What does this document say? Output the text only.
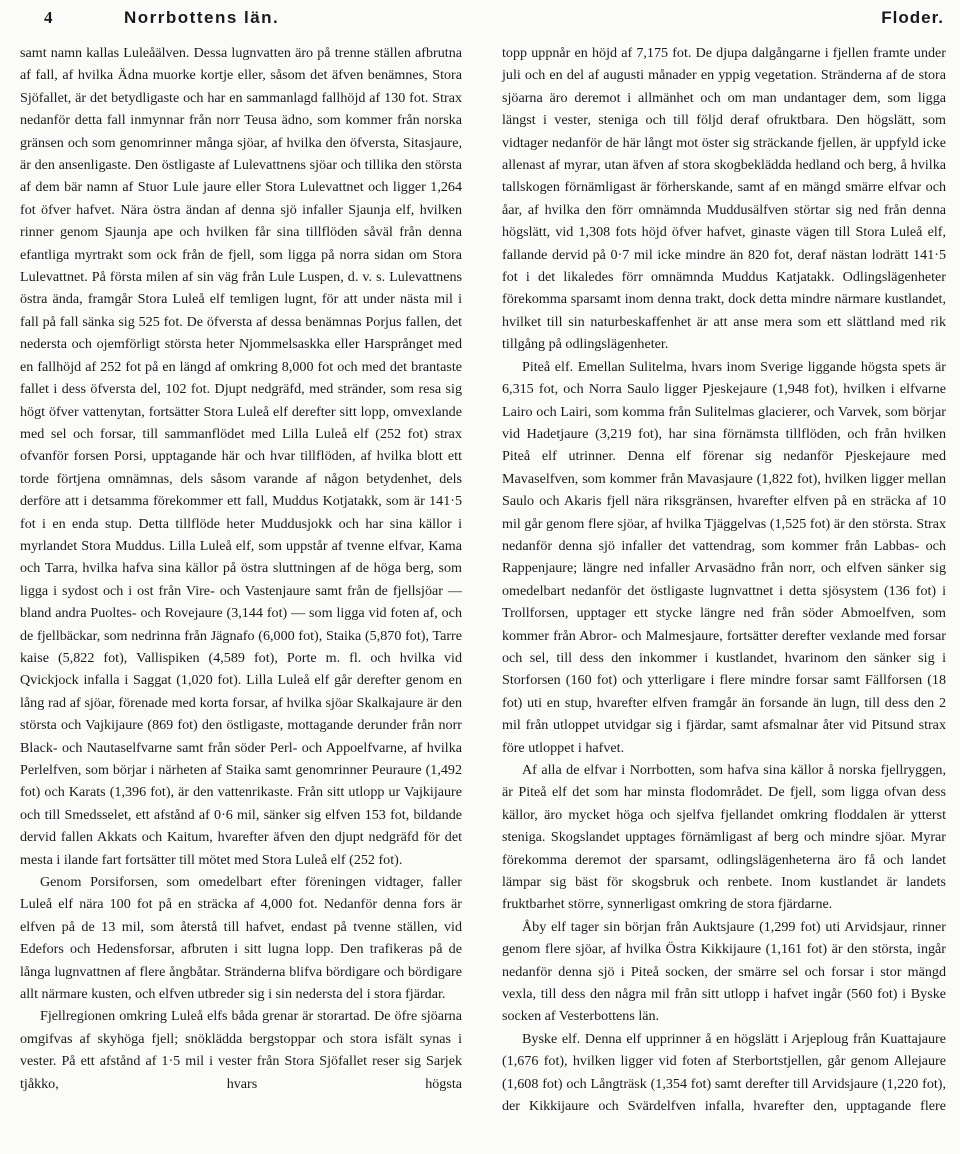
4	Norrbottens län.	Floder.

samt namn kallas Luleåälven. Dessa lugnvatten äro på trenne ställen afbrutna af fall, af hvilka Ädna muorke kortje eller, såsom det äfven benämnes, Stora Sjöfallet, är det betydligaste och har en sammanlagd fallhöjd af 130 fot. Strax nedanför detta fall inmynnar från norr Teusa ädno, som kommer från norska gränsen och som genomrinner många sjöar, af hvilka den öfversta, Sitasjaure, är den ansenligaste. Den östligaste af Lulevattnens sjöar och tillika den största af dem bär namn af Stuor Lule jaure eller Stora Lulevattnet och ligger 1,264 fot öfver hafvet. Nära östra ändan af denna sjö infaller Sjaunja elf, hvilken rinner genom Sjaunja ape och hvilken får sina tillflöden såväl från denna efantliga myrtrakt som ock från de fjell, som ligga på norra sidan om Stora Lulevattnet. På första milen af sin väg från Lule Luspen, d. v. s. Lulevattnens östra ända, framgår Stora Luleå elf temligen lugnt, för att under nästa mil i fall på fall sänka sig 525 fot. De öfversta af dessa benämnas Porjus fallen, det nedersta och ojemförligt största heter Njommelsaskka eller Harsprånget med en fallhöjd af 252 fot på en längd af omkring 8,000 fot och med det brantaste fallet i dess öfversta del, 102 fot. Djupt nedgräfd, med stränder, som resa sig högt öfver vattenytan, fortsätter Stora Luleå elf derefter sitt lopp, omvexlande med sel och forsar, till sammanflödet med Lilla Luleå elf (252 fot) strax ofvanför forsen Porsi, upptagande här och hvar tillflöden, af hvilka blott ett torde förtjena omnämnas, dels såsom varande af någon betydenhet, dels derföre att i detsamma förekommer ett fall, Muddus Kotjatakk, som är 141·5 fot i en enda stup. Detta tillflöde heter Muddusjokk och har sina källor i myrlandet Stora Muddus. Lilla Luleå elf, som uppstår af tvenne elfvar, Kama och Tarra, hvilka hafva sina källor på östra sluttningen af de höga berg, som ligga i sydost och i ost från Vire- och Vastenjaure samt från de fjellsjöar — bland andra Puoltes- och Rovejaure (3,144 fot) — som ligga vid foten af, och de fjellbäckar, som nedrinna från Jägnafo (6,000 fot), Staika (5,870 fot), Tarre kaise (5,822 fot), Vallispiken (4,589 fot), Porte m. fl. och hvilka vid Qvickjock infalla i Saggat (1,020 fot). Lilla Luleå elf går derefter genom en lång rad af sjöar, förenade med korta forsar, af hvilka sjöar Skalkajaure är den största och Vajkijaure (869 fot) den östligaste, mottagande derunder från norr Black- och Nautaselfvarne samt från söder Perl- och Appoelfvarne, af hvilka Perlelfven, som börjar i närheten af Staika samt genomrinner Peuraure (1,492 fot) och Karats (1,396 fot), är den vattenrikaste. Från sitt utlopp ur Vajkijaure och till Smedsselet, ett afstånd af 0·6 mil, sänker sig elfven 153 fot, bildande dervid fallen Akkats och Kaitum, hvarefter äfven den djupt nedgräfd för det mesta i ilande fart fortsätter till mötet med Stora Luleå elf (252 fot).

Genom Porsiforsen, som omedelbart efter föreningen vidtager, faller Luleå elf nära 100 fot på en sträcka af 4,000 fot. Nedanför denna fors är elfven på de 13 mil, som återstå till hafvet, endast på tvenne ställen, vid Edefors och Hedensforsar, afbruten i sitt lugna lopp. Den trafikeras på de långa lugnvattnen af flere ångbåtar. Stränderna blifva bördigare och bördigare allt närmare kusten, och elfven utbreder sig i sin nedersta del i stora fjärdar.

Fjellregionen omkring Luleå elfs båda grenar är storartad. De öfre sjöarna omgifvas af skyhöga fjell; snöklädda bergstoppar och stora isfält synas i vester. På ett afstånd af 1·5 mil i vester från Stora Sjöfallet reser sig Sarjek tjåkko, hvars högsta

topp uppnår en höjd af 7,175 fot. De djupa dalgångarne i fjellen framte under juli och en del af augusti månader en yppig vegetation. Stränderna af de stora sjöarna äro deremot i allmänhet och om man undantager dem, som ligga längst i vester, steniga och till följd deraf ofruktbara. Den högslätt, som vidtager nedanför de här långt mot öster sig sträckande fjellen, är uppfyld icke allenast af myrar, utan äfven af stora skogbeklädda hedland och berg, å hvilka tallskogen förnämligast är förherskande, samt af en mängd smärre elfvar och åar, af hvilka den förr omnämnda Muddusälfven störtar sig ned från denna högslätt, vid 1,308 fots höjd öfver hafvet, ginaste vägen till Stora Luleå elf, fallande dervid på 0·7 mil icke mindre än 820 fot, deraf nästan lodrätt 141·5 fot i det likaledes förr omnämnda Muddus Katjatakk. Odlingslägenheter förekomma sparsamt inom denna trakt, dock detta mindre närmare kustlandet, hvilket till sin naturbeskaffenhet är att anse mera som ett slättland med rik tillgång på odlingslägenheter.

Piteå elf. Emellan Sulitelma, hvars inom Sverige liggande högsta spets är 6,315 fot, och Norra Saulo ligger Pjeskejaure (1,948 fot), hvilken i elfvarne Lairo och Lairi, som komma från Sulitelmas glacierer, och Varvek, som börjar vid Hadetjaure (3,219 fot), har sina förnämsta tillflöden, och från hvilken Piteå elf utrinner. Denna elf förenar sig nedanför Pjeskejaure med Mavaselfven, som kommer från Mavasjaure (1,822 fot), hvilken ligger mellan Saulo och Akaris fjell nära riksgränsen, hvarefter elfven på en sträcka af 10 mil går genom flere sjöar, af hvilka Tjäggelvas (1,525 fot) är den största. Strax nedanför denna sjö infaller det vattendrag, som kommer från Labbas- och Rappenjaure; längre ned infaller Arvasädno från norr, och elfven sänker sig omedelbart nedanför det östligaste lugnvattnet i detta sjösystem (136 fot) i Trollforsen, upptager ett stycke längre ned från söder Abmoelfven, som kommer från Abror- och Malmesjaure, fortsätter derefter vexlande med forsar och sel, till dess den inkommer i kustlandet, hvarinom den sänker sig i Storforsen (160 fot) och ytterligare i flere mindre forsar samt Fällforsen (18 fot) uti en stup, hvarefter elfven framgår än forsande än lugn, till dess den 2 mil från utloppet utvidgar sig i fjärdar, samt afsmalnar åter vid Pitsund strax före utloppet i hafvet.

Af alla de elfvar i Norrbotten, som hafva sina källor å norska fjellryggen, är Piteå elf det som har minsta flodområdet. De fjell, som ligga ofvan dess källor, äro mycket höga och sjelfva fjellandet omkring floddalen är ytterst steniga. Skogslandet upptages förnämligast af berg och mindre sjöar. Myrar förekomma deremot der sparsamt, odlingslägenheterna äro få och landet lämpar sig bäst för skogsbruk och renbete. Inom kustlandet är landets fruktbarhet större, synnerligast omkring de stora fjärdarne.

Åby elf tager sin början från Auktsjaure (1,299 fot) uti Arvidsjaur, rinner genom flere sjöar, af hvilka Östra Kikkijaure (1,161 fot) är den största, ingår nedanför denna sjö i Piteå socken, der smärre sel och forsar i stor mängd vexla, till dess den några mil från sitt utlopp i hafvet ingår (560 fot) i Byske socken af Vesterbottens län.

Byske elf. Denna elf upprinner å en högslätt i Arjeploug från Kuattajaure (1,676 fot), hvilken ligger vid foten af Sterbortstjellen, går genom Allejaure (1,608 fot) och Långträsk (1,354 fot) samt derefter till Arvidsjaure (1,220 fot), der Kikkijaure och Svärdelfven infalla, hvarefter den, upptagande flere
